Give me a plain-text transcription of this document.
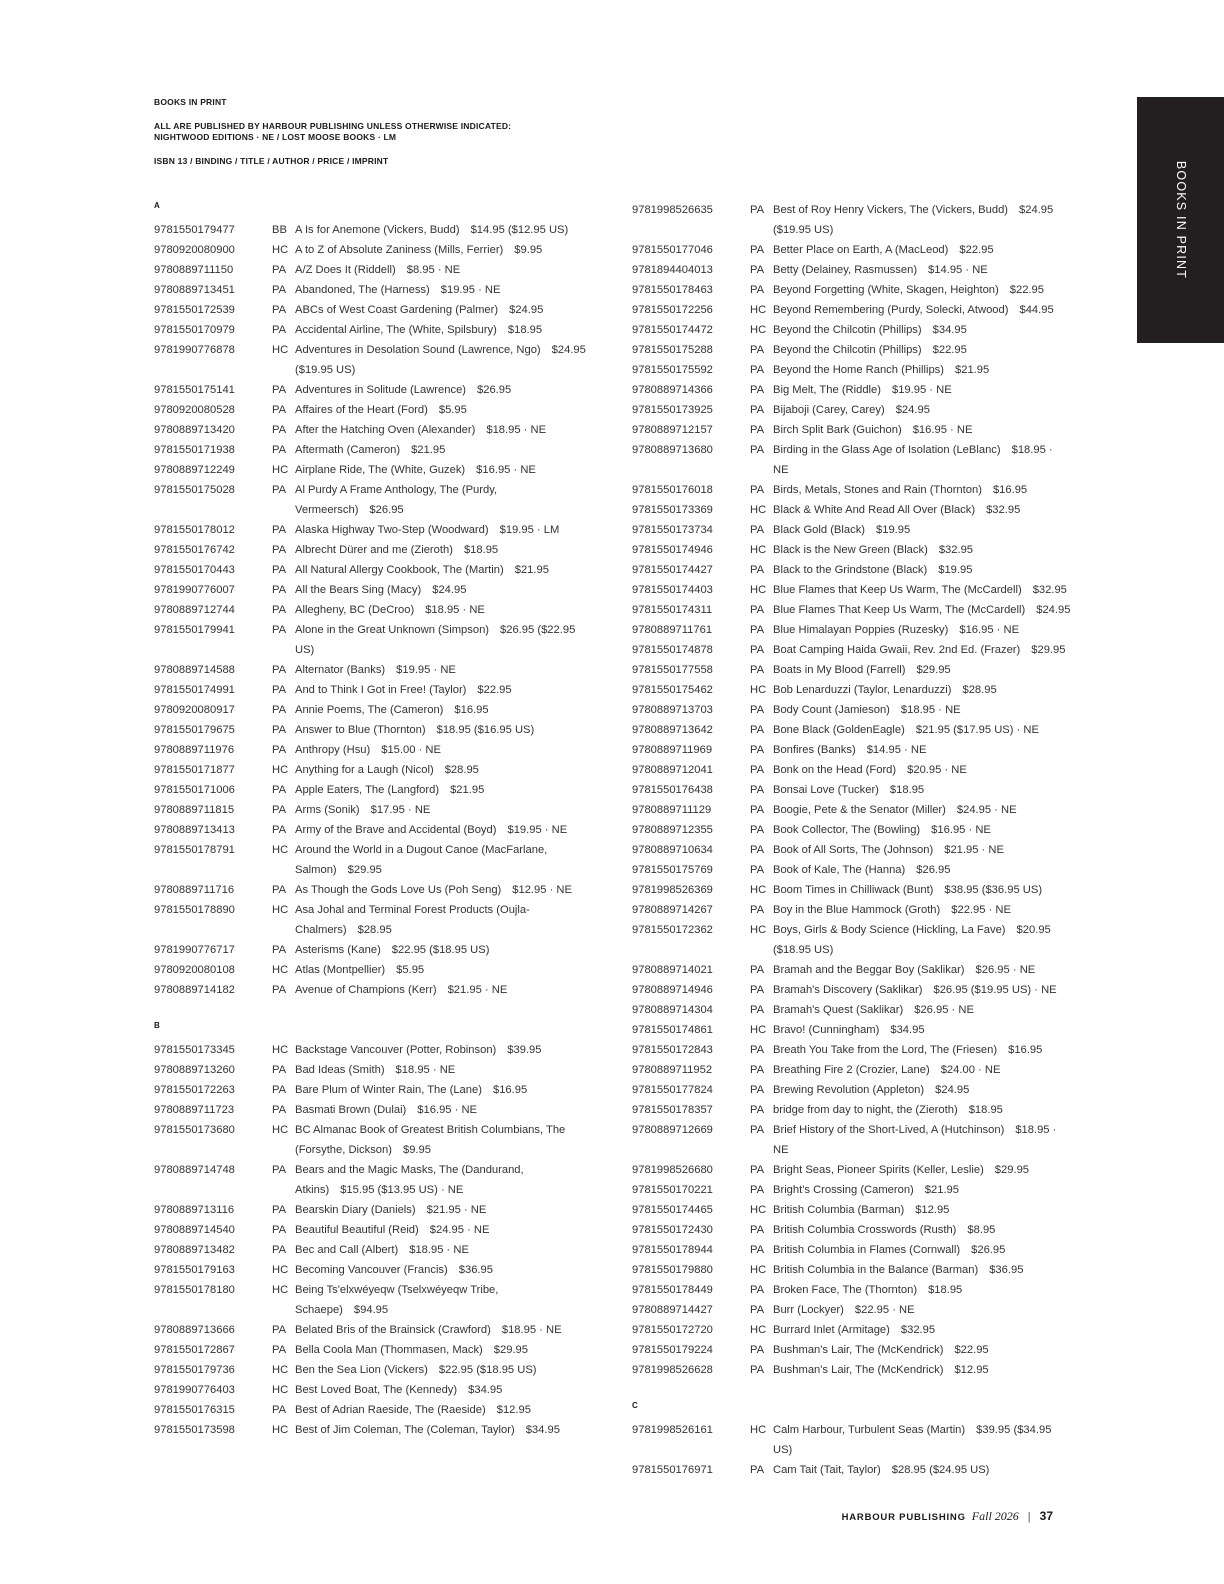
BOOKS IN PRINT
ALL ARE PUBLISHED BY HARBOUR PUBLISHING UNLESS OTHERWISE INDICATED:
NIGHTWOOD EDITIONS · NE / LOST MOOSE BOOKS · LM
ISBN 13 / BINDING / TITLE / AUTHOR / PRICE / IMPRINT	BOOKS IN PRINT
A
9781550179477	BB A Is for Anemone (Vickers, Budd) $14.95 ($12.95 US)
9780920080900	HC A to Z of Absolute Zaniness (Mills, Ferrier) $9.95
9780889711150	PA A/Z Does It (Riddell) $8.95 · NE
9780889713451	PA Abandoned, The (Harness) $19.95 · NE
9781550172539	PA ABCs of West Coast Gardening (Palmer) $24.95
9781550170979	PA Accidental Airline, The (White, Spilsbury) $18.95
9781990776878	HC Adventures in Desolation Sound (Lawrence, Ngo) $24.95 ($19.95 US)
9781550175141	PA Adventures in Solitude (Lawrence) $26.95
9780920080528	PA Affaires of the Heart (Ford) $5.95
9780889713420	PA After the Hatching Oven (Alexander) $18.95 · NE
9781550171938	PA Aftermath (Cameron) $21.95
9780889712249	HC Airplane Ride, The (White, Guzek) $16.95 · NE
9781550175028	PA Al Purdy A Frame Anthology, The (Purdy, Vermeersch) $26.95
9781550178012	PA Alaska Highway Two-Step (Woodward) $19.95 · LM
9781550176742	PA Albrecht Dürer and me (Zieroth) $18.95
9781550170443	PA All Natural Allergy Cookbook, The (Martin) $21.95
9781990776007	PA All the Bears Sing (Macy) $24.95
9780889712744	PA Allegheny, BC (DeCroo) $18.95 · NE
9781550179941	PA Alone in the Great Unknown (Simpson) $26.95 ($22.95 US)
9780889714588	PA Alternator (Banks) $19.95 · NE
9781550174991	PA And to Think I Got in Free! (Taylor) $22.95
9780920080917	PA Annie Poems, The (Cameron) $16.95
9781550179675	PA Answer to Blue (Thornton) $18.95 ($16.95 US)
9780889711976	PA Anthropy (Hsu) $15.00 · NE
9781550171877	HC Anything for a Laugh (Nicol) $28.95
9781550171006	PA Apple Eaters, The (Langford) $21.95
9780889711815	PA Arms (Sonik) $17.95 · NE
9780889713413	PA Army of the Brave and Accidental (Boyd) $19.95 · NE
9781550178791	HC Around the World in a Dugout Canoe (MacFarlane, Salmon) $29.95
9780889711716	PA As Though the Gods Love Us (Poh Seng) $12.95 · NE
9781550178890	HC Asa Johal and Terminal Forest Products (Oujla-Chalmers) $28.95
9781990776717	PA Asterisms (Kane) $22.95 ($18.95 US)
9780920080108	HC Atlas (Montpellier) $5.95
9780889714182	PA Avenue of Champions (Kerr) $21.95 · NE
B
9781550173345	HC Backstage Vancouver (Potter, Robinson) $39.95
9780889713260	PA Bad Ideas (Smith) $18.95 · NE
9781550172263	PA Bare Plum of Winter Rain, The (Lane) $16.95
9780889711723	PA Basmati Brown (Dulai) $16.95 · NE
9781550173680	HC BC Almanac Book of Greatest British Columbians, The (Forsythe, Dickson) $9.95
9780889714748	PA Bears and the Magic Masks, The (Dandurand, Atkins) $15.95 ($13.95 US) · NE
9780889713116	PA Bearskin Diary (Daniels) $21.95 · NE
9780889714540	PA Beautiful Beautiful (Reid) $24.95 · NE
9780889713482	PA Bec and Call (Albert) $18.95 · NE
9781550179163	HC Becoming Vancouver (Francis) $36.95
9781550178180	HC Being Ts'elxwéyeqw (Tselxwéyeqw Tribe, Schaepe) $94.95
9780889713666	PA Belated Bris of the Brainsick (Crawford) $18.95 · NE
9781550172867	PA Bella Coola Man (Thommasen, Mack) $29.95
9781550179736	HC Ben the Sea Lion (Vickers) $22.95 ($18.95 US)
9781990776403	HC Best Loved Boat, The (Kennedy) $34.95
9781550176315	PA Best of Adrian Raeside, The (Raeside) $12.95
9781550173598	HC Best of Jim Coleman, The (Coleman, Taylor) $34.95
9781998526635	PA Best of Roy Henry Vickers, The (Vickers, Budd) $24.95 ($19.95 US)
9781550177046	PA Better Place on Earth, A (MacLeod) $22.95
9781894404013	PA Betty (Delainey, Rasmussen) $14.95 · NE
9781550178463	PA Beyond Forgetting (White, Skagen, Heighton) $22.95
9781550172256	HC Beyond Remembering (Purdy, Solecki, Atwood) $44.95
9781550174472	HC Beyond the Chilcotin (Phillips) $34.95
9781550175288	PA Beyond the Chilcotin (Phillips) $22.95
9781550175592	PA Beyond the Home Ranch (Phillips) $21.95
9780889714366	PA Big Melt, The (Riddle) $19.95 · NE
9781550173925	PA Bijaboji (Carey, Carey) $24.95
9780889712157	PA Birch Split Bark (Guichon) $16.95 · NE
9780889713680	PA Birding in the Glass Age of Isolation (LeBlanc) $18.95 · NE
9781550176018	PA Birds, Metals, Stones and Rain (Thornton) $16.95
9781550173369	HC Black & White And Read All Over (Black) $32.95
9781550173734	PA Black Gold (Black) $19.95
9781550174946	HC Black is the New Green (Black) $32.95
9781550174427	PA Black to the Grindstone (Black) $19.95
9781550174403	HC Blue Flames that Keep Us Warm, The (McCardell) $32.95
9781550174311	PA Blue Flames That Keep Us Warm, The (McCardell) $24.95
9780889711761	PA Blue Himalayan Poppies (Ruzesky) $16.95 · NE
9781550174878	PA Boat Camping Haida Gwaii, Rev. 2nd Ed. (Frazer) $29.95
9781550177558	PA Boats in My Blood (Farrell) $29.95
9781550175462	HC Bob Lenarduzzi (Taylor, Lenarduzzi) $28.95
9780889713703	PA Body Count (Jamieson) $18.95 · NE
9780889713642	PA Bone Black (GoldenEagle) $21.95 ($17.95 US) · NE
9780889711969	PA Bonfires (Banks) $14.95 · NE
9780889712041	PA Bonk on the Head (Ford) $20.95 · NE
9781550176438	PA Bonsai Love (Tucker) $18.95
9780889711129	PA Boogie, Pete & the Senator (Miller) $24.95 · NE
9780889712355	PA Book Collector, The (Bowling) $16.95 · NE
9780889710634	PA Book of All Sorts, The (Johnson) $21.95 · NE
9781550175769	PA Book of Kale, The (Hanna) $26.95
9781998526369	HC Boom Times in Chilliwack (Bunt) $38.95 ($36.95 US)
9780889714267	PA Boy in the Blue Hammock (Groth) $22.95 · NE
9781550172362	HC Boys, Girls & Body Science (Hickling, La Fave) $20.95 ($18.95 US)
9780889714021	PA Bramah and the Beggar Boy (Saklikar) $26.95 · NE
9780889714946	PA Bramah's Discovery (Saklikar) $26.95 ($19.95 US) · NE
9780889714304	PA Bramah's Quest (Saklikar) $26.95 · NE
9781550174861	HC Bravo! (Cunningham) $34.95
9781550172843	PA Breath You Take from the Lord, The (Friesen) $16.95
9780889711952	PA Breathing Fire 2 (Crozier, Lane) $24.00 · NE
9781550177824	PA Brewing Revolution (Appleton) $24.95
9781550178357	PA bridge from day to night, the (Zieroth) $18.95
9780889712669	PA Brief History of the Short-Lived, A (Hutchinson) $18.95 · NE
9781998526680	PA Bright Seas, Pioneer Spirits (Keller, Leslie) $29.95
9781550170221	PA Bright's Crossing (Cameron) $21.95
9781550174465	HC British Columbia (Barman) $12.95
9781550172430	PA British Columbia Crosswords (Rusth) $8.95
9781550178944	PA British Columbia in Flames (Cornwall) $26.95
9781550179880	HC British Columbia in the Balance (Barman) $36.95
9781550178449	PA Broken Face, The (Thornton) $18.95
9780889714427	PA Burr (Lockyer) $22.95 · NE
9781550172720	HC Burrard Inlet (Armitage) $32.95
9781550179224	PA Bushman's Lair, The (McKendrick) $22.95
9781998526628	PA Bushman's Lair, The (McKendrick) $12.95
C
9781998526161	HC Calm Harbour, Turbulent Seas (Martin) $39.95 ($34.95 US)
9781550176971	PA Cam Tait (Tait, Taylor) $28.95 ($24.95 US)
HARBOUR PUBLISHING Fall 2026 | 37
